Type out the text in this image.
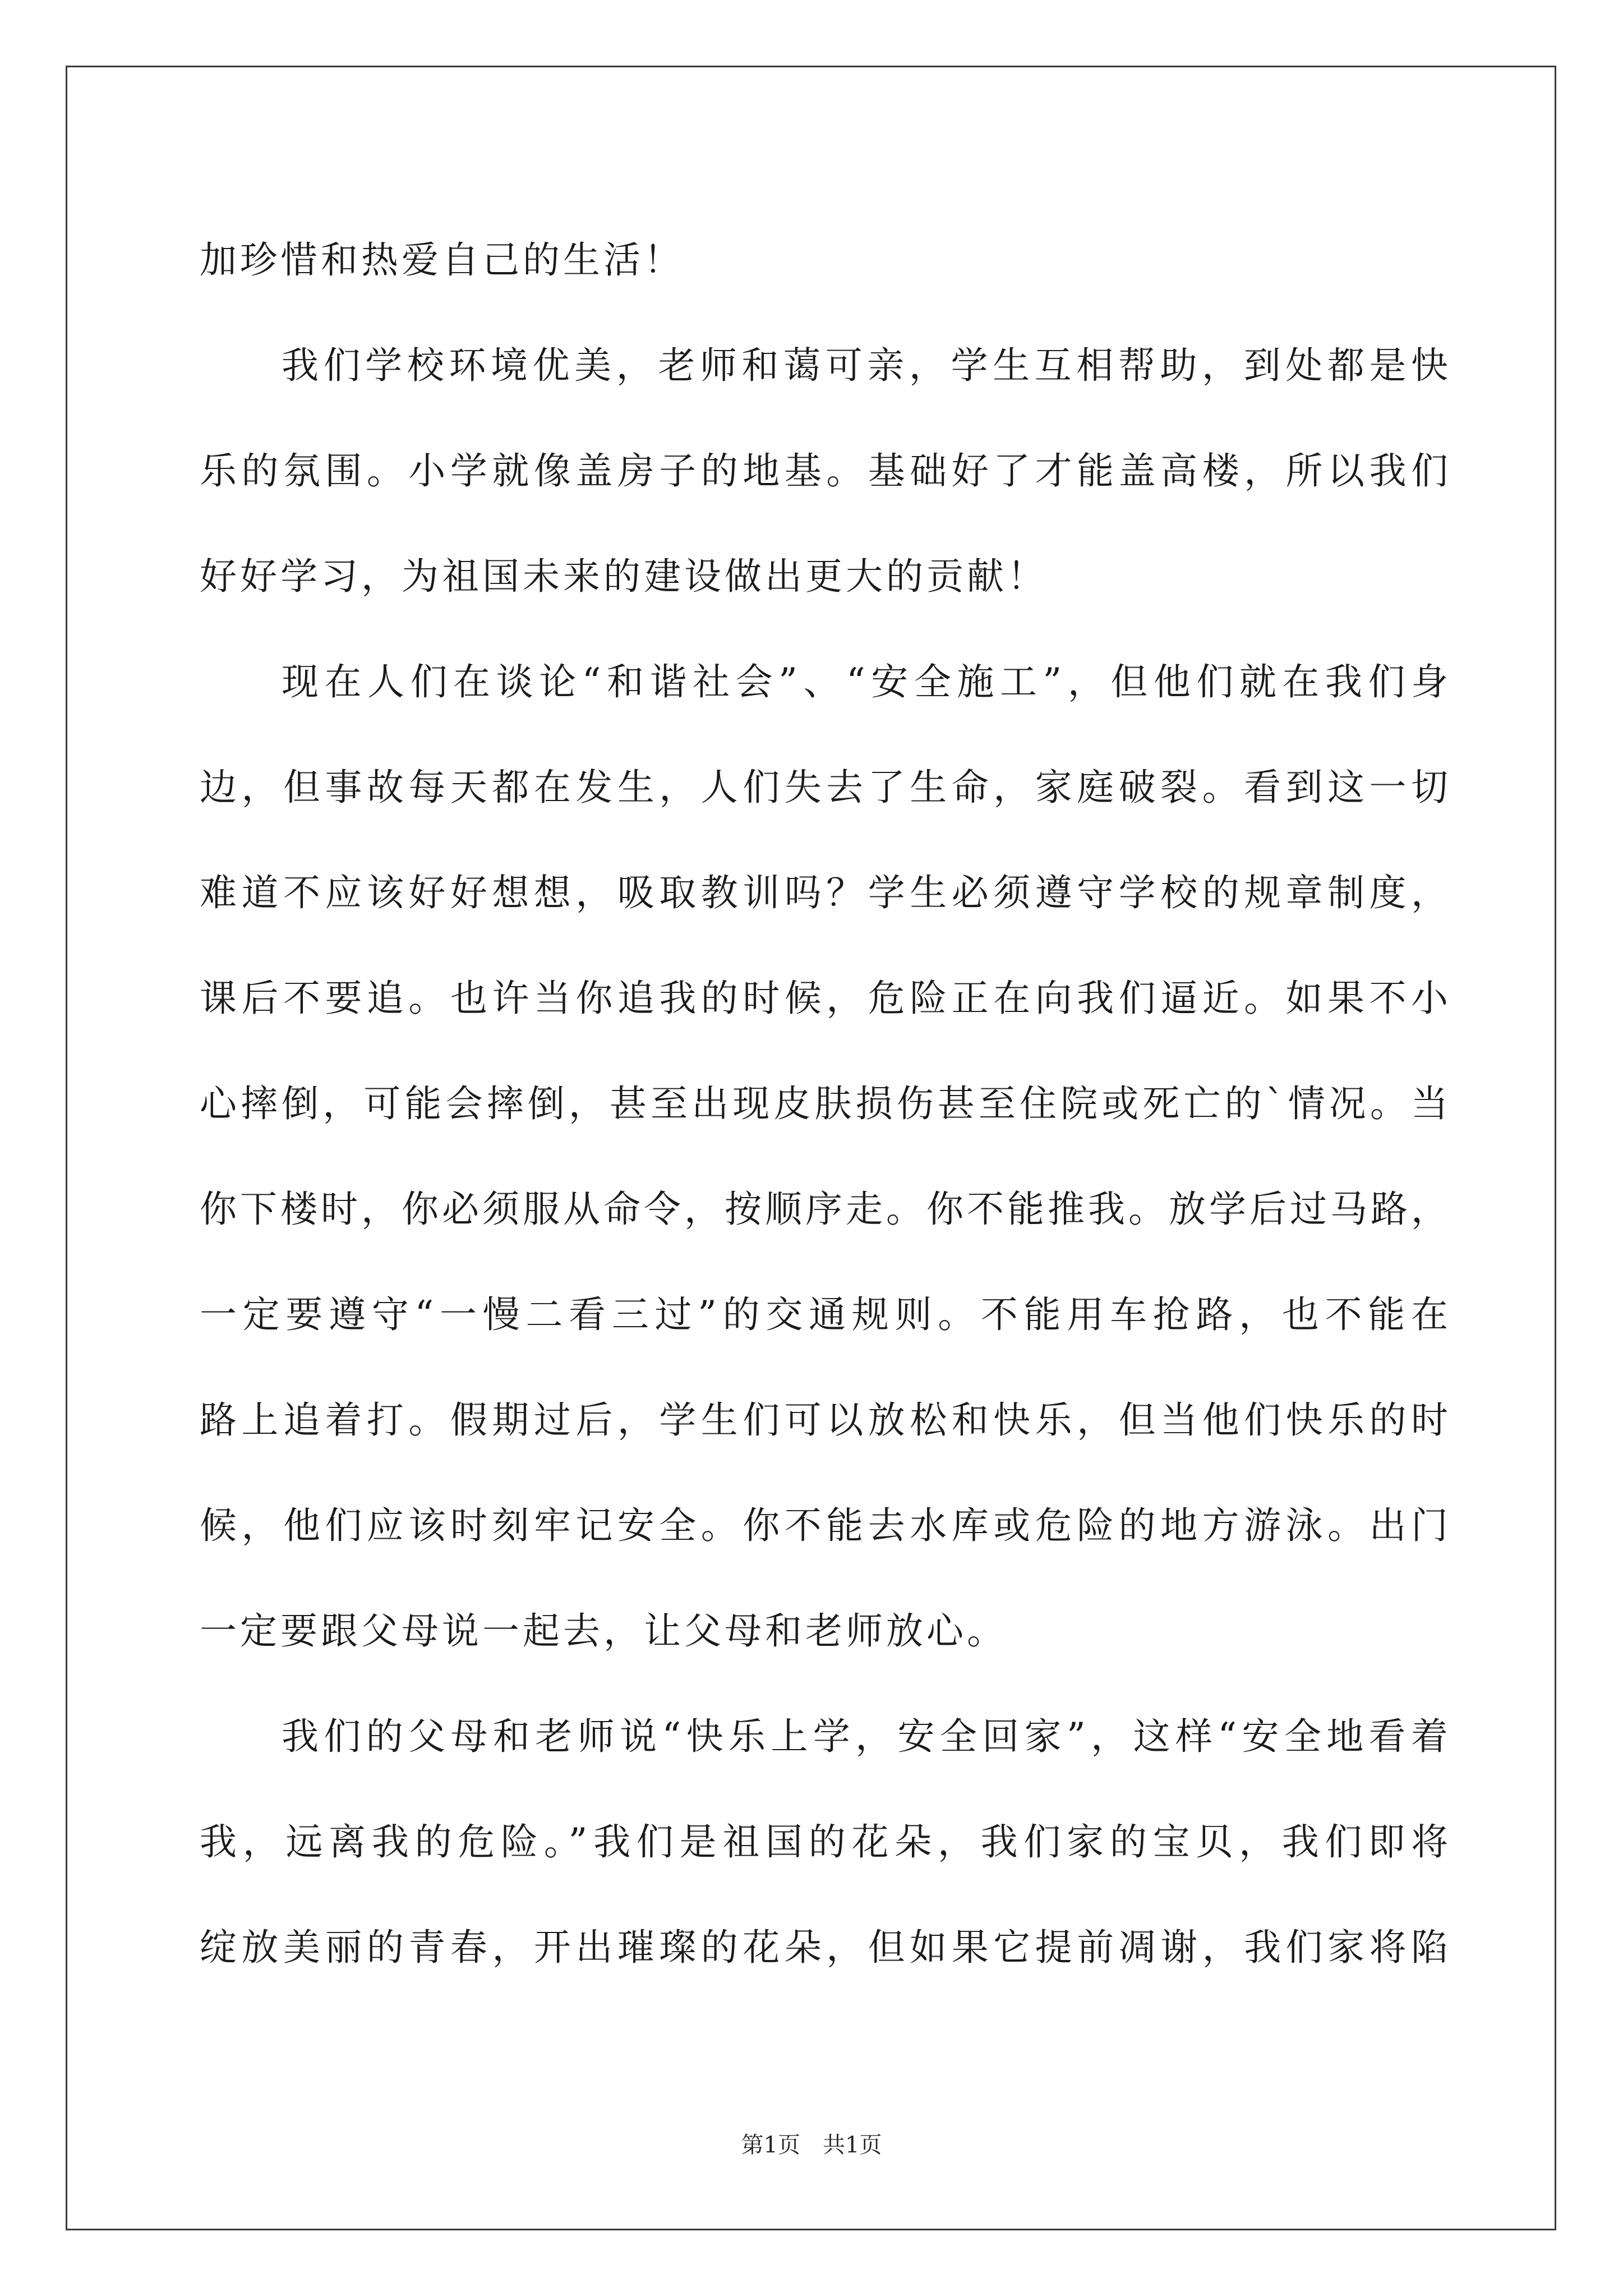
加珍惜和热爱自己的生活！
我们学校环境优美，老师和蔼可亲，学生互相帮助，到处都是快
乐的氛围。小学就像盖房子的地基。基础好了才能盖高楼，所以我们
好好学习，为祖国未来的建设做出更大的贡献！
现在人们在谈论“和谐社会”、“安全施工”，但他们就在我们身
边，但事故每天都在发生，人们失去了生命，家庭破裂。看到这一切
难道不应该好好想想，吸取教训吗？学生必须遵守学校的规章制度，
课后不要追。也许当你追我的时候，危险正在向我们逼近。如果不小
心摔倒，可能会摔倒，甚至出现皮肤损伤甚至住院或死亡的`情况。当
你下楼时，你必须服从命令，按顺序走。你不能推我。放学后过马路，
一定要遵守“一慢二看三过”的交通规则。不能用车抢路，也不能在
路上追着打。假期过后，学生们可以放松和快乐，但当他们快乐的时
候，他们应该时刻牢记安全。你不能去水库或危险的地方游泳。出门
一定要跟父母说一起去，让父母和老师放心。
我们的父母和老师说“快乐上学，安全回家”，这样“安全地看着
我，远离我的危险。”我们是祖国的花朵，我们家的宝贝，我们即将
绽放美丽的青春，开出璀璨的花朵，但如果它提前凋谢，我们家将陷
第1页　共1页
